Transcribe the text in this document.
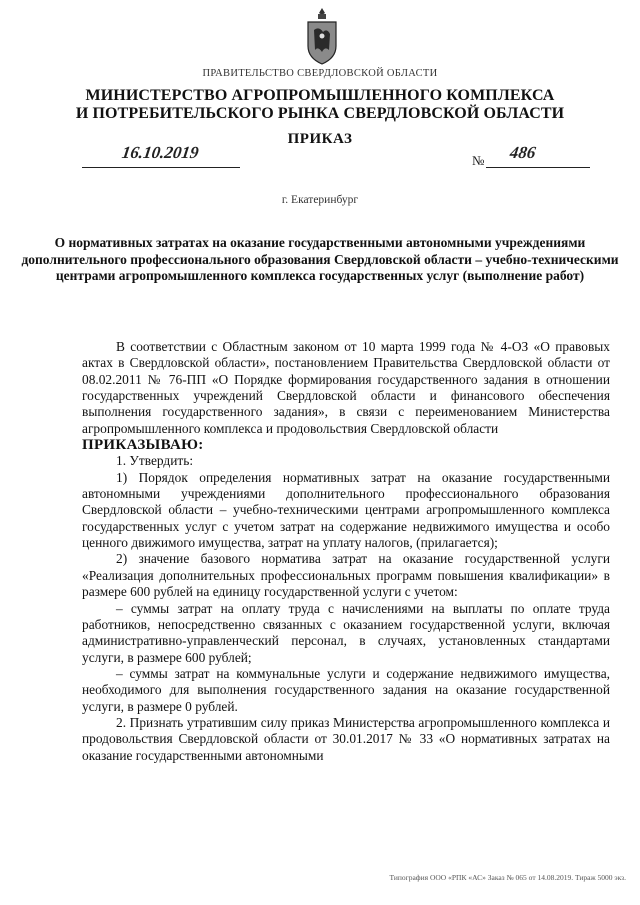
ПРАВИТЕЛЬСТВО СВЕРДЛОВСКОЙ ОБЛАСТИ
МИНИСТЕРСТВО АГРОПРОМЫШЛЕННОГО КОМПЛЕКСА
И ПОТРЕБИТЕЛЬСКОГО РЫНКА СВЕРДЛОВСКОЙ ОБЛАСТИ
ПРИКАЗ
16.10.2019	№ 486
г. Екатеринбург
О нормативных затратах на оказание государственными автономными учреждениями дополнительного профессионального образования Свердловской области – учебно-техническими центрами агропромышленного комплекса государственных услуг (выполнение работ)

В соответствии с Областным законом от 10 марта 1999 года № 4-ОЗ «О правовых актах в Свердловской области», постановлением Правительства Свердловской области от 08.02.2011 № 76-ПП «О Порядке формирования государственного задания в отношении государственных учреждений Свердловской области и финансового обеспечения выполнения государственного задания», в связи с переименованием Министерства агропромышленного комплекса и продовольствия Свердловской области

ПРИКАЗЫВАЮ:

1. Утвердить:

1) Порядок определения нормативных затрат на оказание государственными автономными учреждениями дополнительного профессионального образования Свердловской области – учебно-техническими центрами агропромышленного комплекса государственных услуг с учетом затрат на содержание недвижимого имущества и особо ценного движимого имущества, затрат на уплату налогов, (прилагается);

2) значение базового норматива затрат на оказание государственной услуги «Реализация дополнительных профессиональных программ повышения квалификации» в размере 600 рублей на единицу государственной услуги с учетом:

– суммы затрат на оплату труда с начислениями на выплаты по оплате труда работников, непосредственно связанных с оказанием государственной услуги, включая административно-управленческий персонал, в случаях, установленных стандартами услуги, в размере 600 рублей;

– суммы затрат на коммунальные услуги и содержание недвижимого имущества, необходимого для выполнения государственного задания на оказание государственной услуги, в размере 0 рублей.

2. Признать утратившим силу приказ Министерства агропромышленного комплекса и продовольствия Свердловской области от 30.01.2017 № 33 «О нормативных затратах на оказание государственными автономными

Типография ООО «РПК «АС» Заказ № 065 от 14.08.2019. Тираж 5000 экз.
